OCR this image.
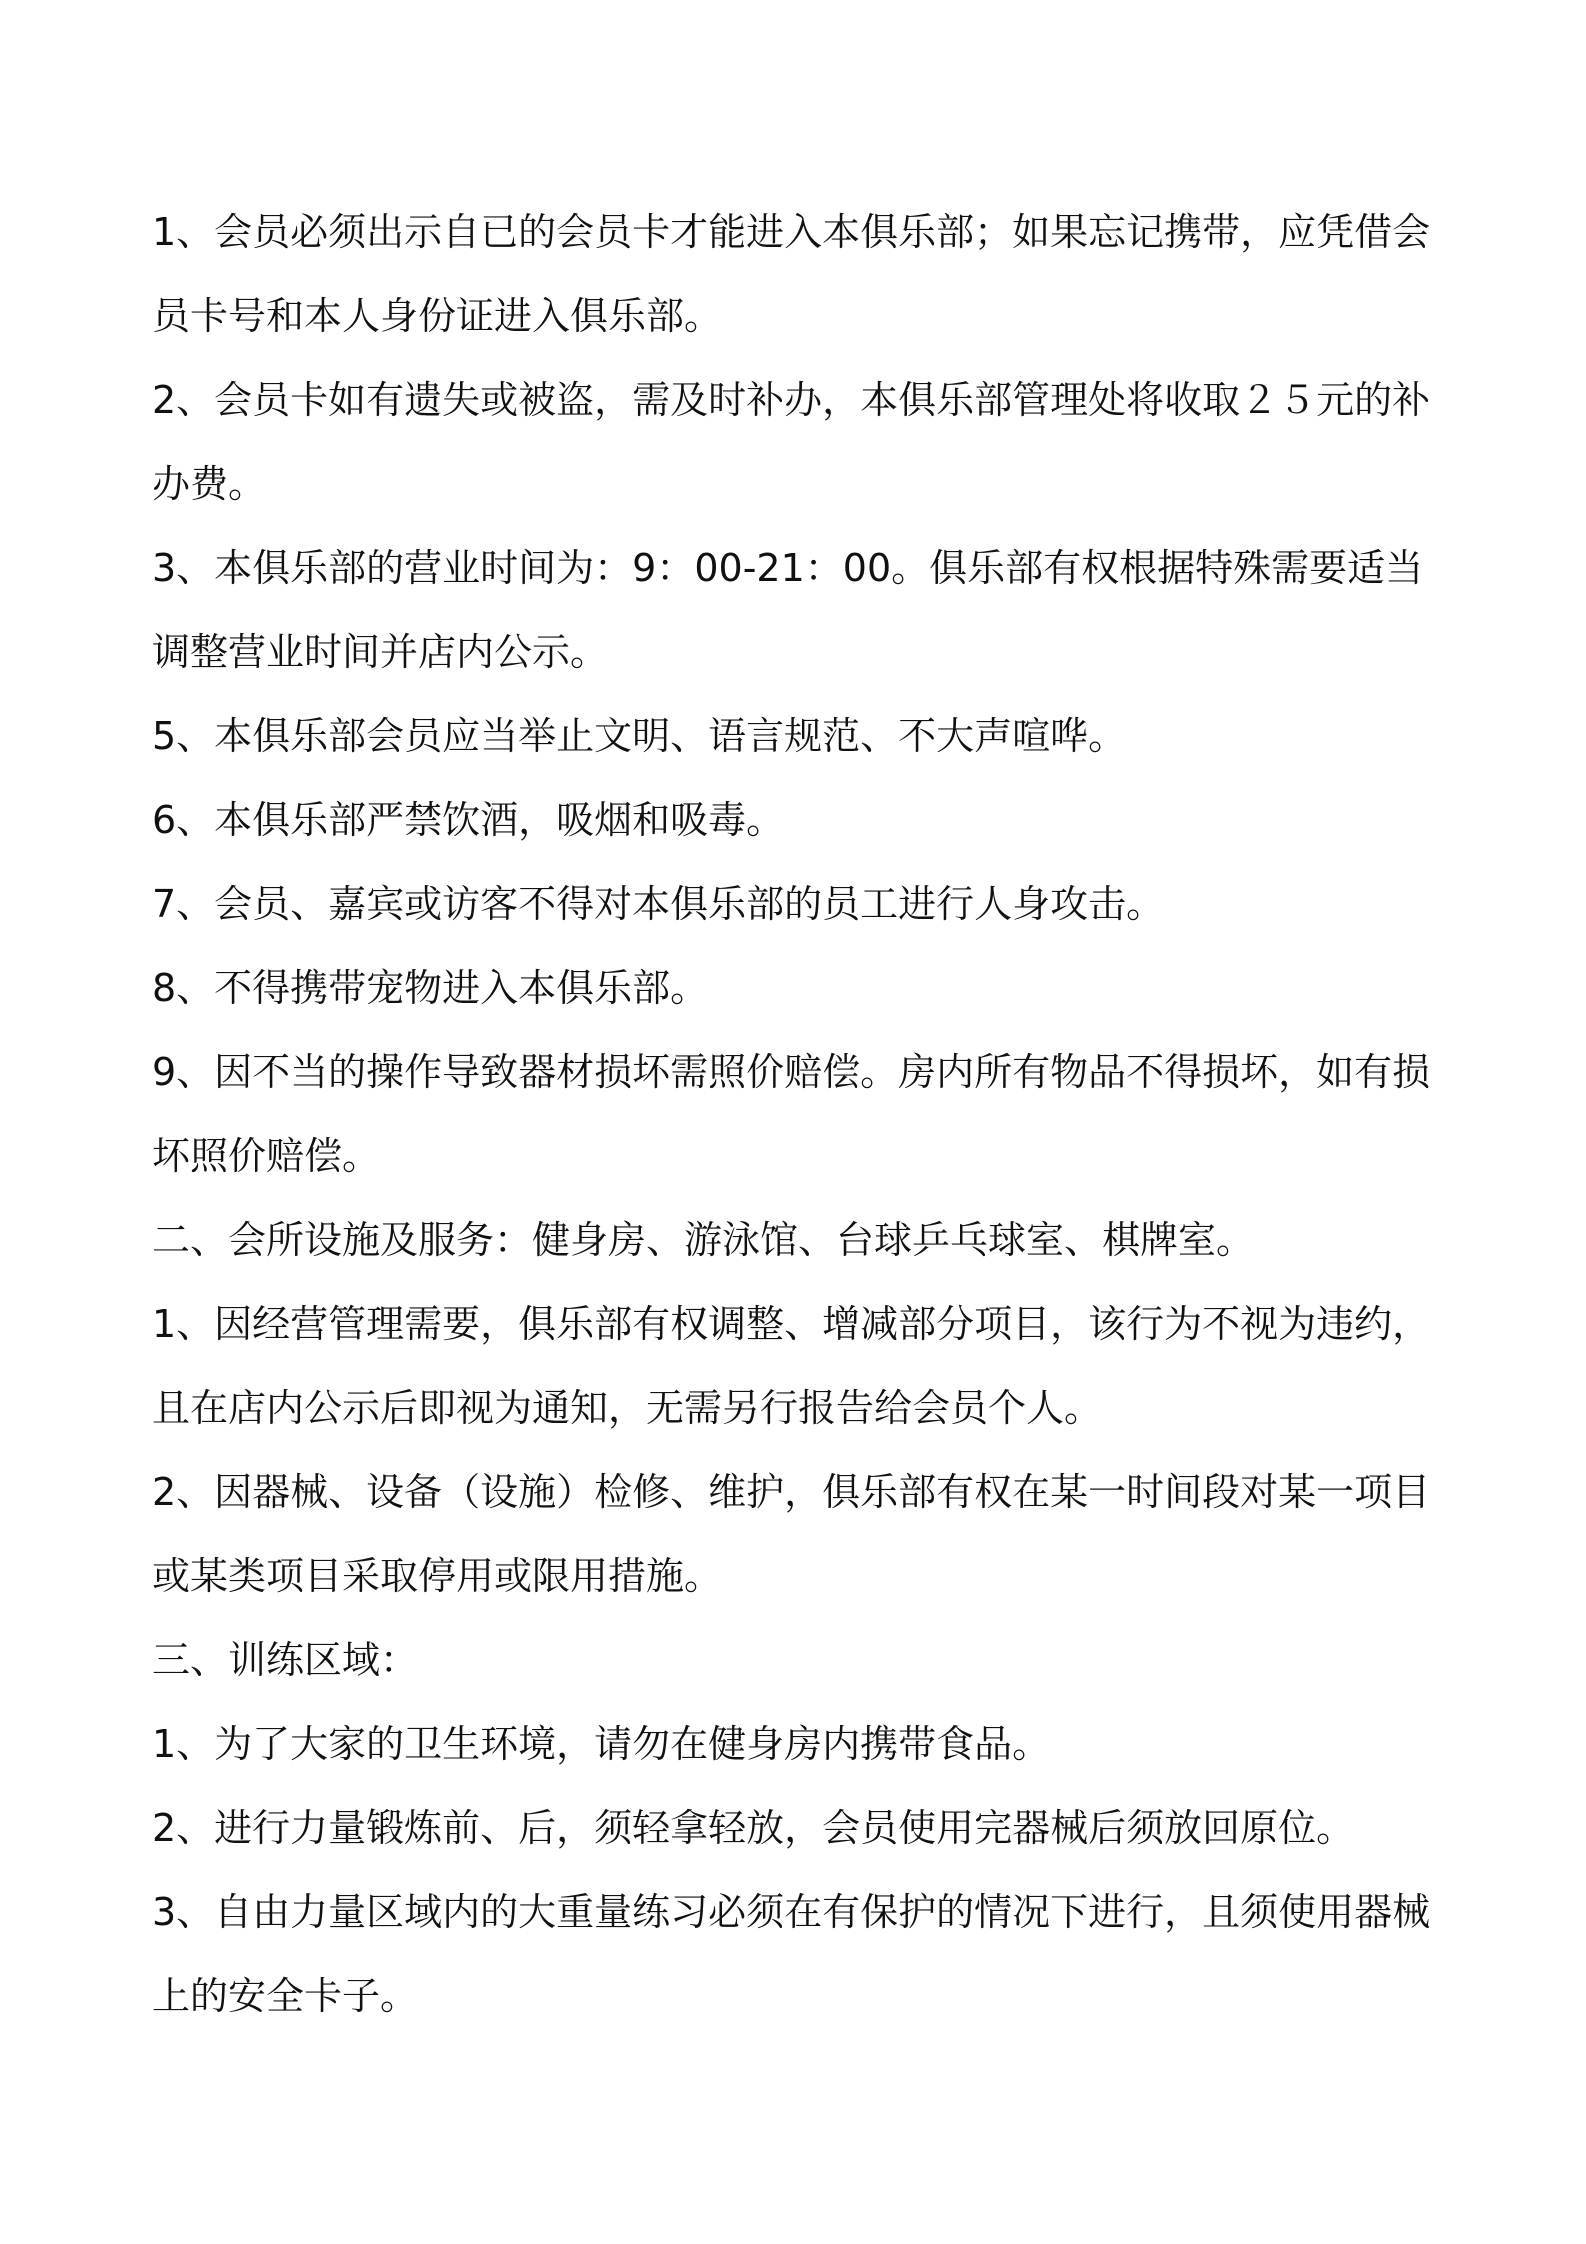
1、会员必须出示自已的会员卡才能进入本俱乐部；如果忘记携带，应凭借会员卡号和本人身份证进入俱乐部。

2、会员卡如有遗失或被盗，需及时补办，本俱乐部管理处将收取２５元的补办费。

3、本俱乐部的营业时间为：9：00-21：00。俱乐部有权根据特殊需要适当调整营业时间并店内公示。

5、本俱乐部会员应当举止文明、语言规范、不大声喧哗。

6、本俱乐部严禁饮酒，吸烟和吸毒。

7、会员、嘉宾或访客不得对本俱乐部的员工进行人身攻击。

8、不得携带宠物进入本俱乐部。

9、因不当的操作导致器材损坏需照价赔偿。房内所有物品不得损坏，如有损坏照价赔偿。

二、会所设施及服务：健身房、游泳馆、台球乒乓球室、棋牌室。

1、因经营管理需要，俱乐部有权调整、增减部分项目，该行为不视为违约，且在店内公示后即视为通知，无需另行报告给会员个人。

2、因器械、设备（设施）检修、维护，俱乐部有权在某一时间段对某一项目或某类项目采取停用或限用措施。

三、训练区域：

1、为了大家的卫生环境，请勿在健身房内携带食品。

2、进行力量锻炼前、后，须轻拿轻放，会员使用完器械后须放回原位。

3、自由力量区域内的大重量练习必须在有保护的情况下进行，且须使用器械上的安全卡子。
